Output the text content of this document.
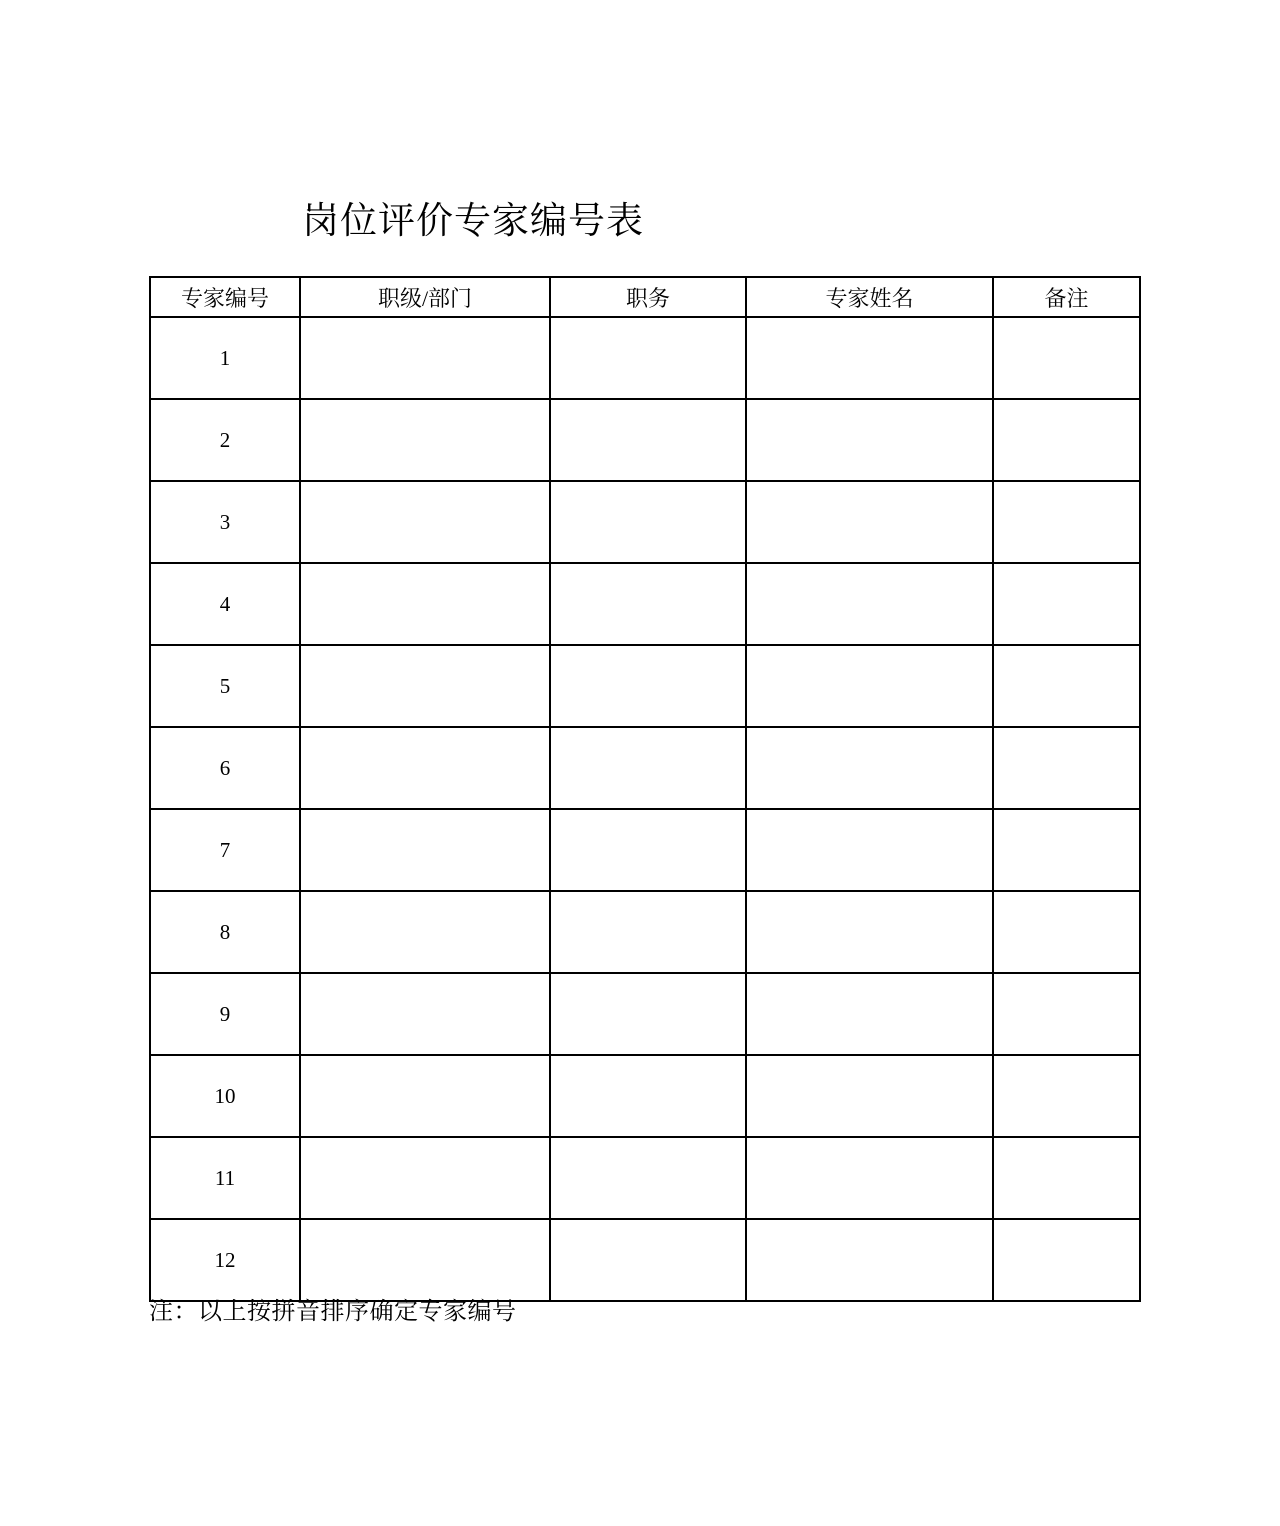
岗位评价专家编号表
专家编号	职级/部门	职务	专家姓名	备注
1				
2				
3				
4				
5				
6				
7				
8				
9				
10				
11				
12				
注：以上按拼音排序确定专家编号
